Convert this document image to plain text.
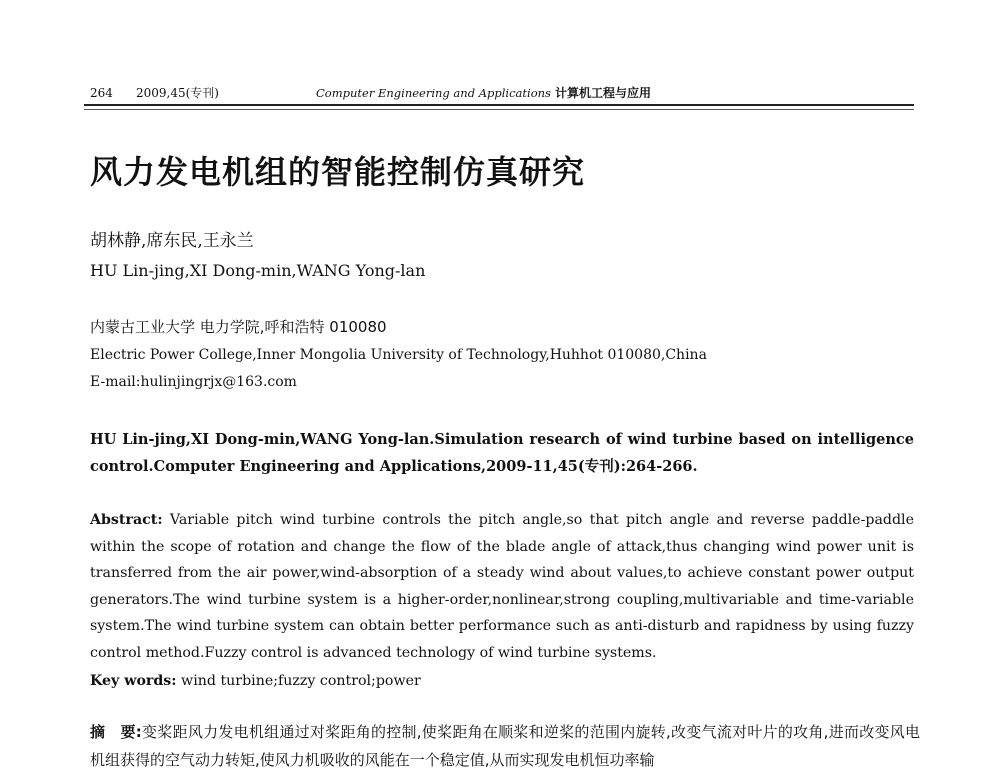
264 2009,45(专刊)	Computer Engineering and Applications 计算机工程与应用
风力发电机组的智能控制仿真研究
胡林静,席东民,王永兰
HU Lin-jing,XI Dong-min,WANG Yong-lan
内蒙古工业大学 电力学院,呼和浩特 010080
Electric Power College,Inner Mongolia University of Technology,Huhhot 010080,China
E-mail:hulinjingrjx@163.com
HU Lin-jing,XI Dong-min,WANG Yong-lan.Simulation research of wind turbine based on intelligence control.Computer Engineering and Applications,2009-11,45(专刊):264-266.
Abstract: Variable pitch wind turbine controls the pitch angle,so that pitch angle and reverse paddle-paddle within the scope of rotation and change the flow of the blade angle of attack,thus changing wind power unit is transferred from the air power,wind-absorption of a steady wind about values,to achieve constant power output generators.The wind turbine system is a higher-order,nonlinear,strong coupling,multivariable and time-variable system.The wind turbine system can obtain better performance such as anti-disturb and rapidness by using fuzzy control method.Fuzzy control is advanced technology of wind turbine systems.
Key words: wind turbine;fuzzy control;power
摘　要:变桨距风力发电机组通过对桨距角的控制,使桨距角在顺桨和逆桨的范围内旋转,改变气流对叶片的攻角,进而改变风电机组获得的空气动力转矩,使风力机吸收的风能在一个稳定值,从而实现发电机恒功率输
